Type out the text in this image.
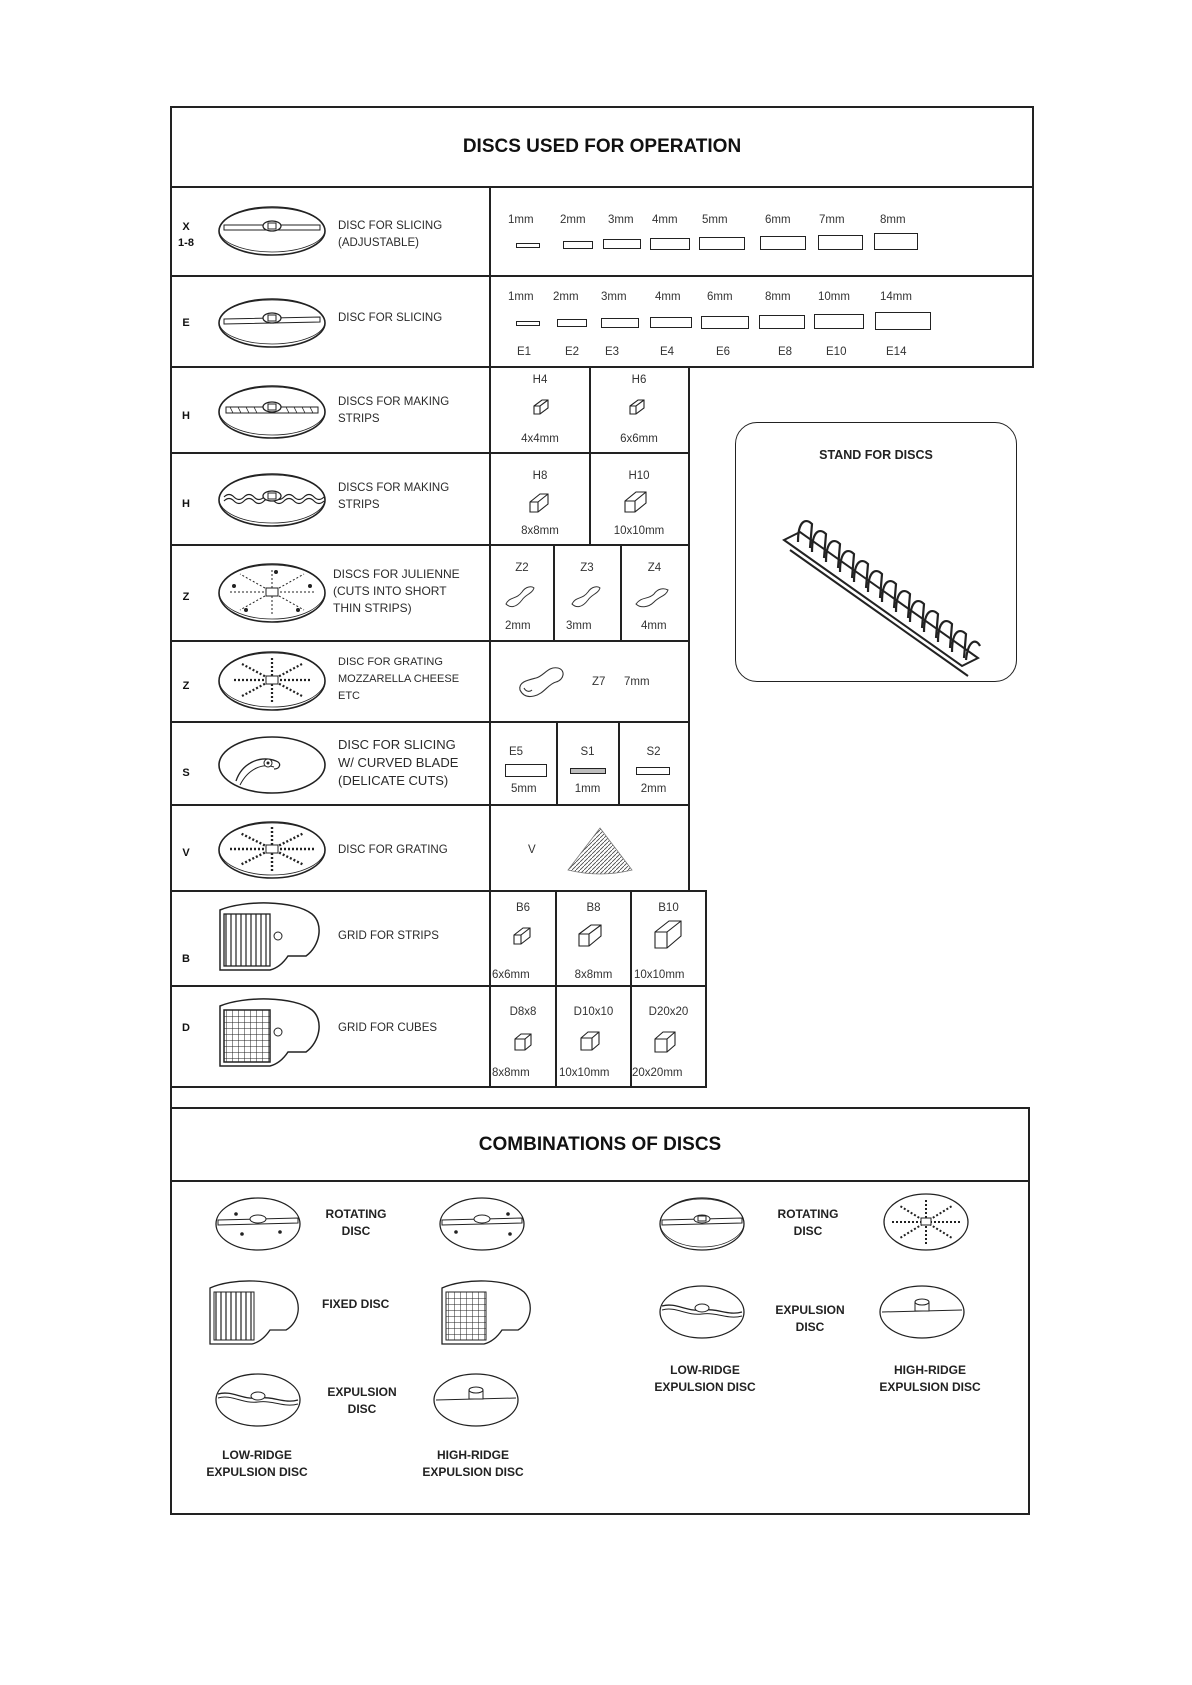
DISCS USED FOR OPERATION
X
1-8
DISC FOR SLICING
(ADJUSTABLE)
1mm 2mm 3mm 4mm 5mm	6mm 7mm	8mm
E	DISC FOR SLICING
1mm 2mm 3mm 4mm 6mm	8mm 10mm	14mm
E1	E2 E3	E4	E6	E8	E10	E14
H
DISCS FOR MAKING
STRIPS
H4	H6
4x4mm	6x6mm
H
DISCS FOR MAKING
STRIPS
H8	H10
8x8mm	10x10mm
Z
DISCS FOR JULIENNE
(CUTS INTO SHORT
THIN STRIPS)
Z2	Z3	Z4
2mm	3mm	4mm
Z
DISC FOR GRATING
MOZZARELLA CHEESE
ETC
Z7 7mm
S
DISC FOR SLICING
W/ CURVED BLADE
(DELICATE CUTS)
E5	S1	S2
5mm	1mm	2mm
V	DISC FOR GRATING	V
B
GRID FOR STRIPS
B6	B8	B10
6x6mm	8x8mm	10x10mm
D	GRID FOR CUBES
D8x8	D10x10	D20x20
8x8mm	10x10mm 20x20mm
STAND FOR DISCS
COMBINATIONS OF DISCS
ROTATING
DISC
FIXED DISC
EXPULSION
DISC
LOW-RIDGE
EXPULSION DISC
HIGH-RIDGE
EXPULSION DISC
ROTATING
DISC
EXPULSION
DISC
LOW-RIDGE
EXPULSION DISC
HIGH-RIDGE
EXPULSION DISC
